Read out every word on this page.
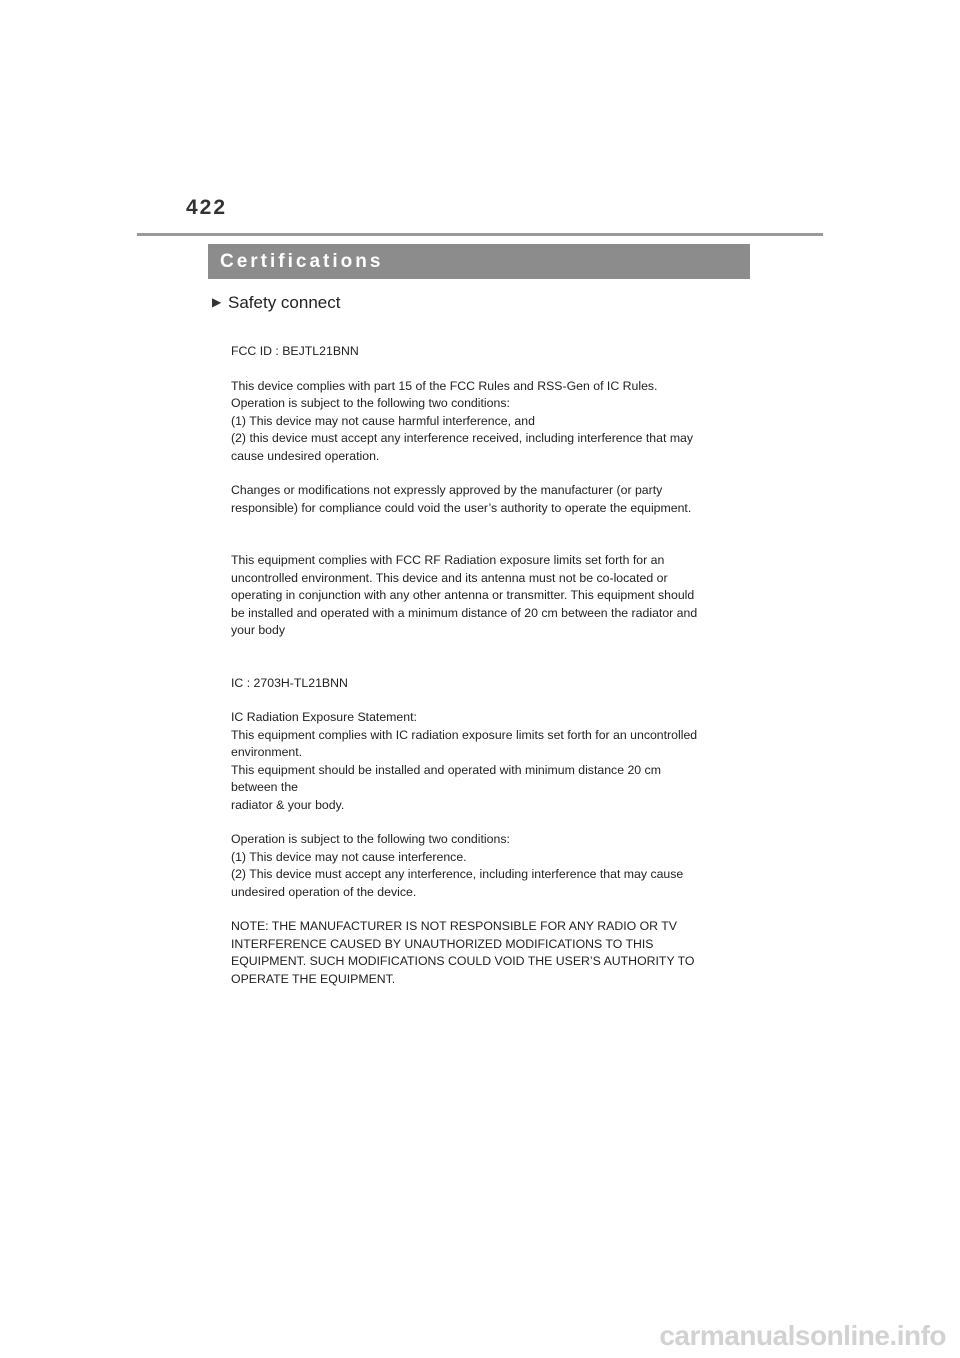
422
Certifications
▶ Safety connect

FCC ID : BEJTL21BNN

This device complies with part 15 of the FCC Rules and RSS-Gen of IC Rules.

Operation is subject to the following two conditions:

(1) This device may not cause harmful interference, and

(2) this device must accept any interference received, including interference that may

cause undesired operation.

Changes or modifications not expressly approved by the manufacturer (or party

responsible) for compliance could void the user’s authority to operate the equipment.

This equipment complies with FCC RF Radiation exposure limits set forth for an

uncontrolled environment. This device and its antenna must not be co-located or

operating in conjunction with any other antenna or transmitter. This equipment should

be installed and operated with a minimum distance of 20 cm between the radiator and

your body

IC : 2703H-TL21BNN

IC Radiation Exposure Statement:

This equipment complies with IC radiation exposure limits set forth for an uncontrolled

environment.

This equipment should be installed and operated with minimum distance 20 cm

between the

radiator & your body.

Operation is subject to the following two conditions:

(1) This device may not cause interference.

(2) This device must accept any interference, including interference that may cause

undesired operation of the device.

NOTE: THE MANUFACTURER IS NOT RESPONSIBLE FOR ANY RADIO OR TV

INTERFERENCE CAUSED BY UNAUTHORIZED MODIFICATIONS TO THIS

EQUIPMENT. SUCH MODIFICATIONS COULD VOID THE USER’S AUTHORITY TO

OPERATE THE EQUIPMENT.

carmanualsonline.info
